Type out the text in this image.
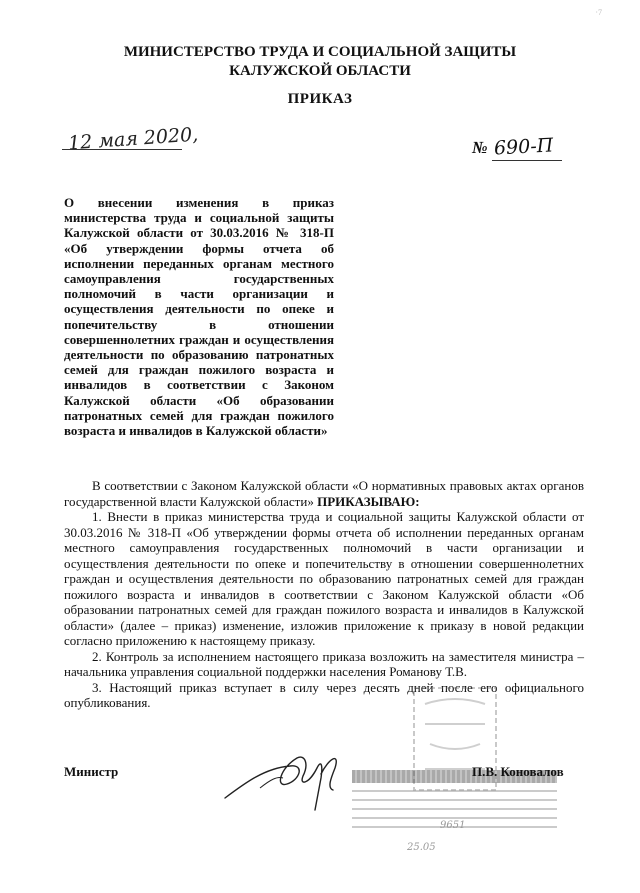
·7
МИНИСТЕРСТВО ТРУДА И СОЦИАЛЬНОЙ ЗАЩИТЫ
КАЛУЖСКОЙ ОБЛАСТИ
ПРИКАЗ
12 мая 2020,	№ 690-П
О внесении изменения в приказ министерства труда и социальной защиты Калужской области от 30.03.2016 № 318-П «Об утверждении формы отчета об исполнении переданных органам местного самоуправления государственных полномочий в части организации и осуществления деятельности по опеке и попечительству в отношении совершеннолетних граждан и осуществления деятельности по образованию патронатных семей для граждан пожилого возраста и инвалидов в соответствии с Законом Калужской области «Об образовании патронатных семей для граждан пожилого возраста и инвалидов в Калужской области»

В соответствии с Законом Калужской области «О нормативных правовых актах органов государственной власти Калужской области» ПРИКАЗЫВАЮ:

1. Внести в приказ министерства труда и социальной защиты Калужской области от 30.03.2016 № 318-П «Об утверждении формы отчета об исполнении переданных органам местного самоуправления государственных полномочий в части организации и осуществления деятельности по опеке и попечительству в отношении совершеннолетних граждан и осуществления деятельности по образованию патронатных семей для граждан пожилого возраста и инвалидов в соответствии с Законом Калужской области «Об образовании патронатных семей для граждан пожилого возраста и инвалидов в Калужской области» (далее – приказ) изменение, изложив приложение к приказу в новой редакции согласно приложению к настоящему приказу.

2. Контроль за исполнением настоящего приказа возложить на заместителя министра – начальника управления социальной поддержки населения Романову Т.В.

3. Настоящий приказ вступает в силу через десять дней после его официального опубликования.

9651
25.05
Министр	П.В. Коновалов
